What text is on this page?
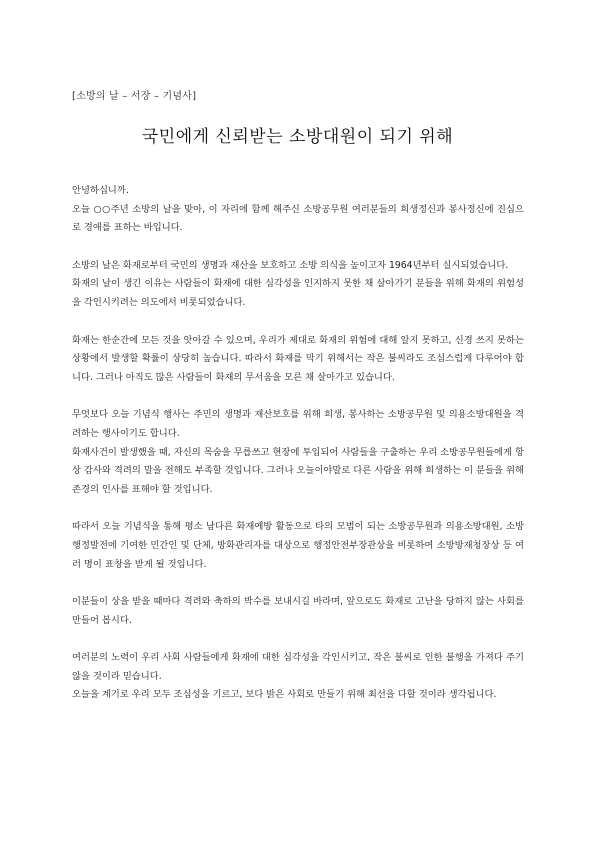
[소방의 날 – 서장 – 기념사]
국민에게 신뢰받는 소방대원이 되기 위해

안녕하십니까.

오늘 ○○주년 소방의 날을 맞아, 이 자리에 함께 해주신 소방공무원 여러분들의 희생정신과 봉사정신에 진심으로 경애를 표하는 바입니다.

소방의 날은 화재로부터 국민의 생명과 재산을 보호하고 소방 의식을 높이고자 1964년부터 실시되었습니다.

화재의 날이 생긴 이유는 사람들이 화재에 대한 심각성을 인지하지 못한 채 살아가기 분들을 위해 화재의 위험성을 각인시키려는 의도에서 비롯되었습니다.

화재는 한순간에 모든 것을 앗아갈 수 있으며, 우리가 제대로 화재의 위험에 대해 알지 못하고, 신경 쓰지 못하는 상황에서 발생할 확률이 상당히 높습니다. 따라서 화재를 막기 위해서는 작은 불씨라도 조심스럽게 다루어야 합니다. 그러나 아직도 많은 사람들이 화재의 무서움을 모른 채 살아가고 있습니다.

무엇보다 오늘 기념식 행사는 주민의 생명과 재산보호를 위해 희생, 봉사하는 소방공무원 및 의용소방대원을 격려하는 행사이기도 합니다.

화재사건이 발생했을 때, 자신의 목숨을 무릅쓰고 현장에 투입되어 사람들을 구출하는 우리 소방공무원들에게 항상 감사와 격려의 말을 전해도 부족할 것입니다. 그러나 오늘이야말로 다른 사람을 위해 희생하는 이 분들을 위해 존경의 인사를 표해야 할 것입니다.

따라서 오늘 기념식을 통해 평소 남다른 화재예방 활동으로 타의 모범이 되는 소방공무원과 의용소방대원, 소방행정발전에 기여한 민간인 및 단체, 방화관리자를 대상으로 행정안전부장관상을 비롯하여 소방방재청장상 등 여러 명이 표창을 받게 될 것입니다.

이분들이 상을 받을 때마다 격려와 축하의 박수를 보내시길 바라며, 앞으로도 화재로 고난을 당하지 않는 사회를 만들어 봅시다.

여러분의 노력이 우리 사회 사람들에게 화재에 대한 심각성을 각인시키고, 작은 불씨로 인한 불행을 가져다 주기 않을 것이라 믿습니다.

오늘을 계기로 우리 모두 조심성을 기르고, 보다 밝은 사회로 만들기 위해 최선을 다할 것이라 생각됩니다.
